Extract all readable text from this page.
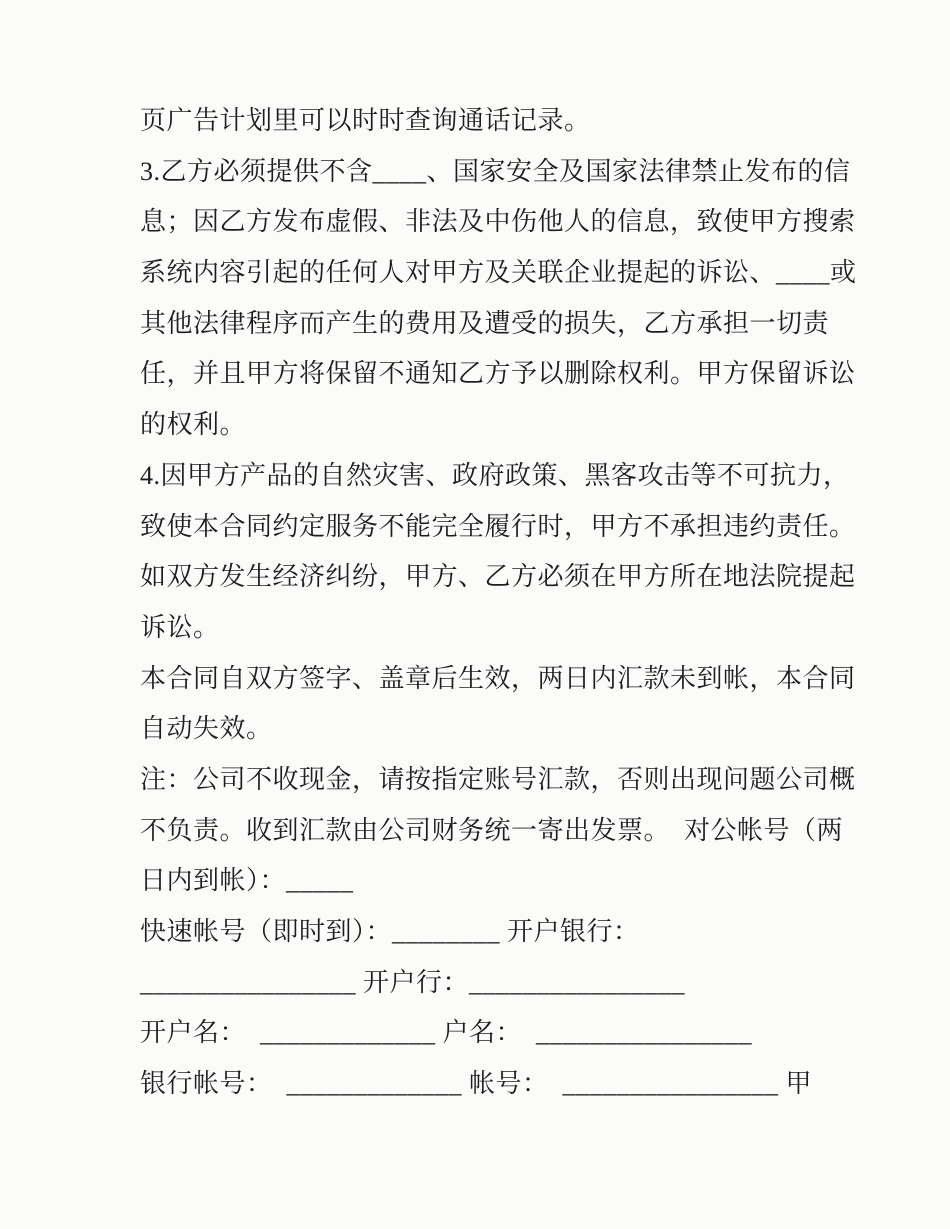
页广告计划里可以时时查询通话记录。
3.乙方必须提供不含____、国家安全及国家法律禁止发布的信
息；因乙方发布虚假、非法及中伤他人的信息，致使甲方搜索
系统内容引起的任何人对甲方及关联企业提起的诉讼、____或
其他法律程序而产生的费用及遭受的损失，乙方承担一切责
任，并且甲方将保留不通知乙方予以删除权利。甲方保留诉讼
的权利。
4.因甲方产品的自然灾害、政府政策、黑客攻击等不可抗力，
致使本合同约定服务不能完全履行时，甲方不承担违约责任。
如双方发生经济纠纷，甲方、乙方必须在甲方所在地法院提起
诉讼。
本合同自双方签字、盖章后生效，两日内汇款未到帐，本合同
自动失效。
注：公司不收现金，请按指定账号汇款，否则出现问题公司概
不负责。收到汇款由公司财务统一寄出发票。  对公帐号（两
日内到帐）：_____
快速帐号（即时到）：________ 开户银行：
________________ 开户行：________________
开户名：  _____________ 户名：  ________________
银行帐号：  _____________ 帐号：  ________________ 甲
